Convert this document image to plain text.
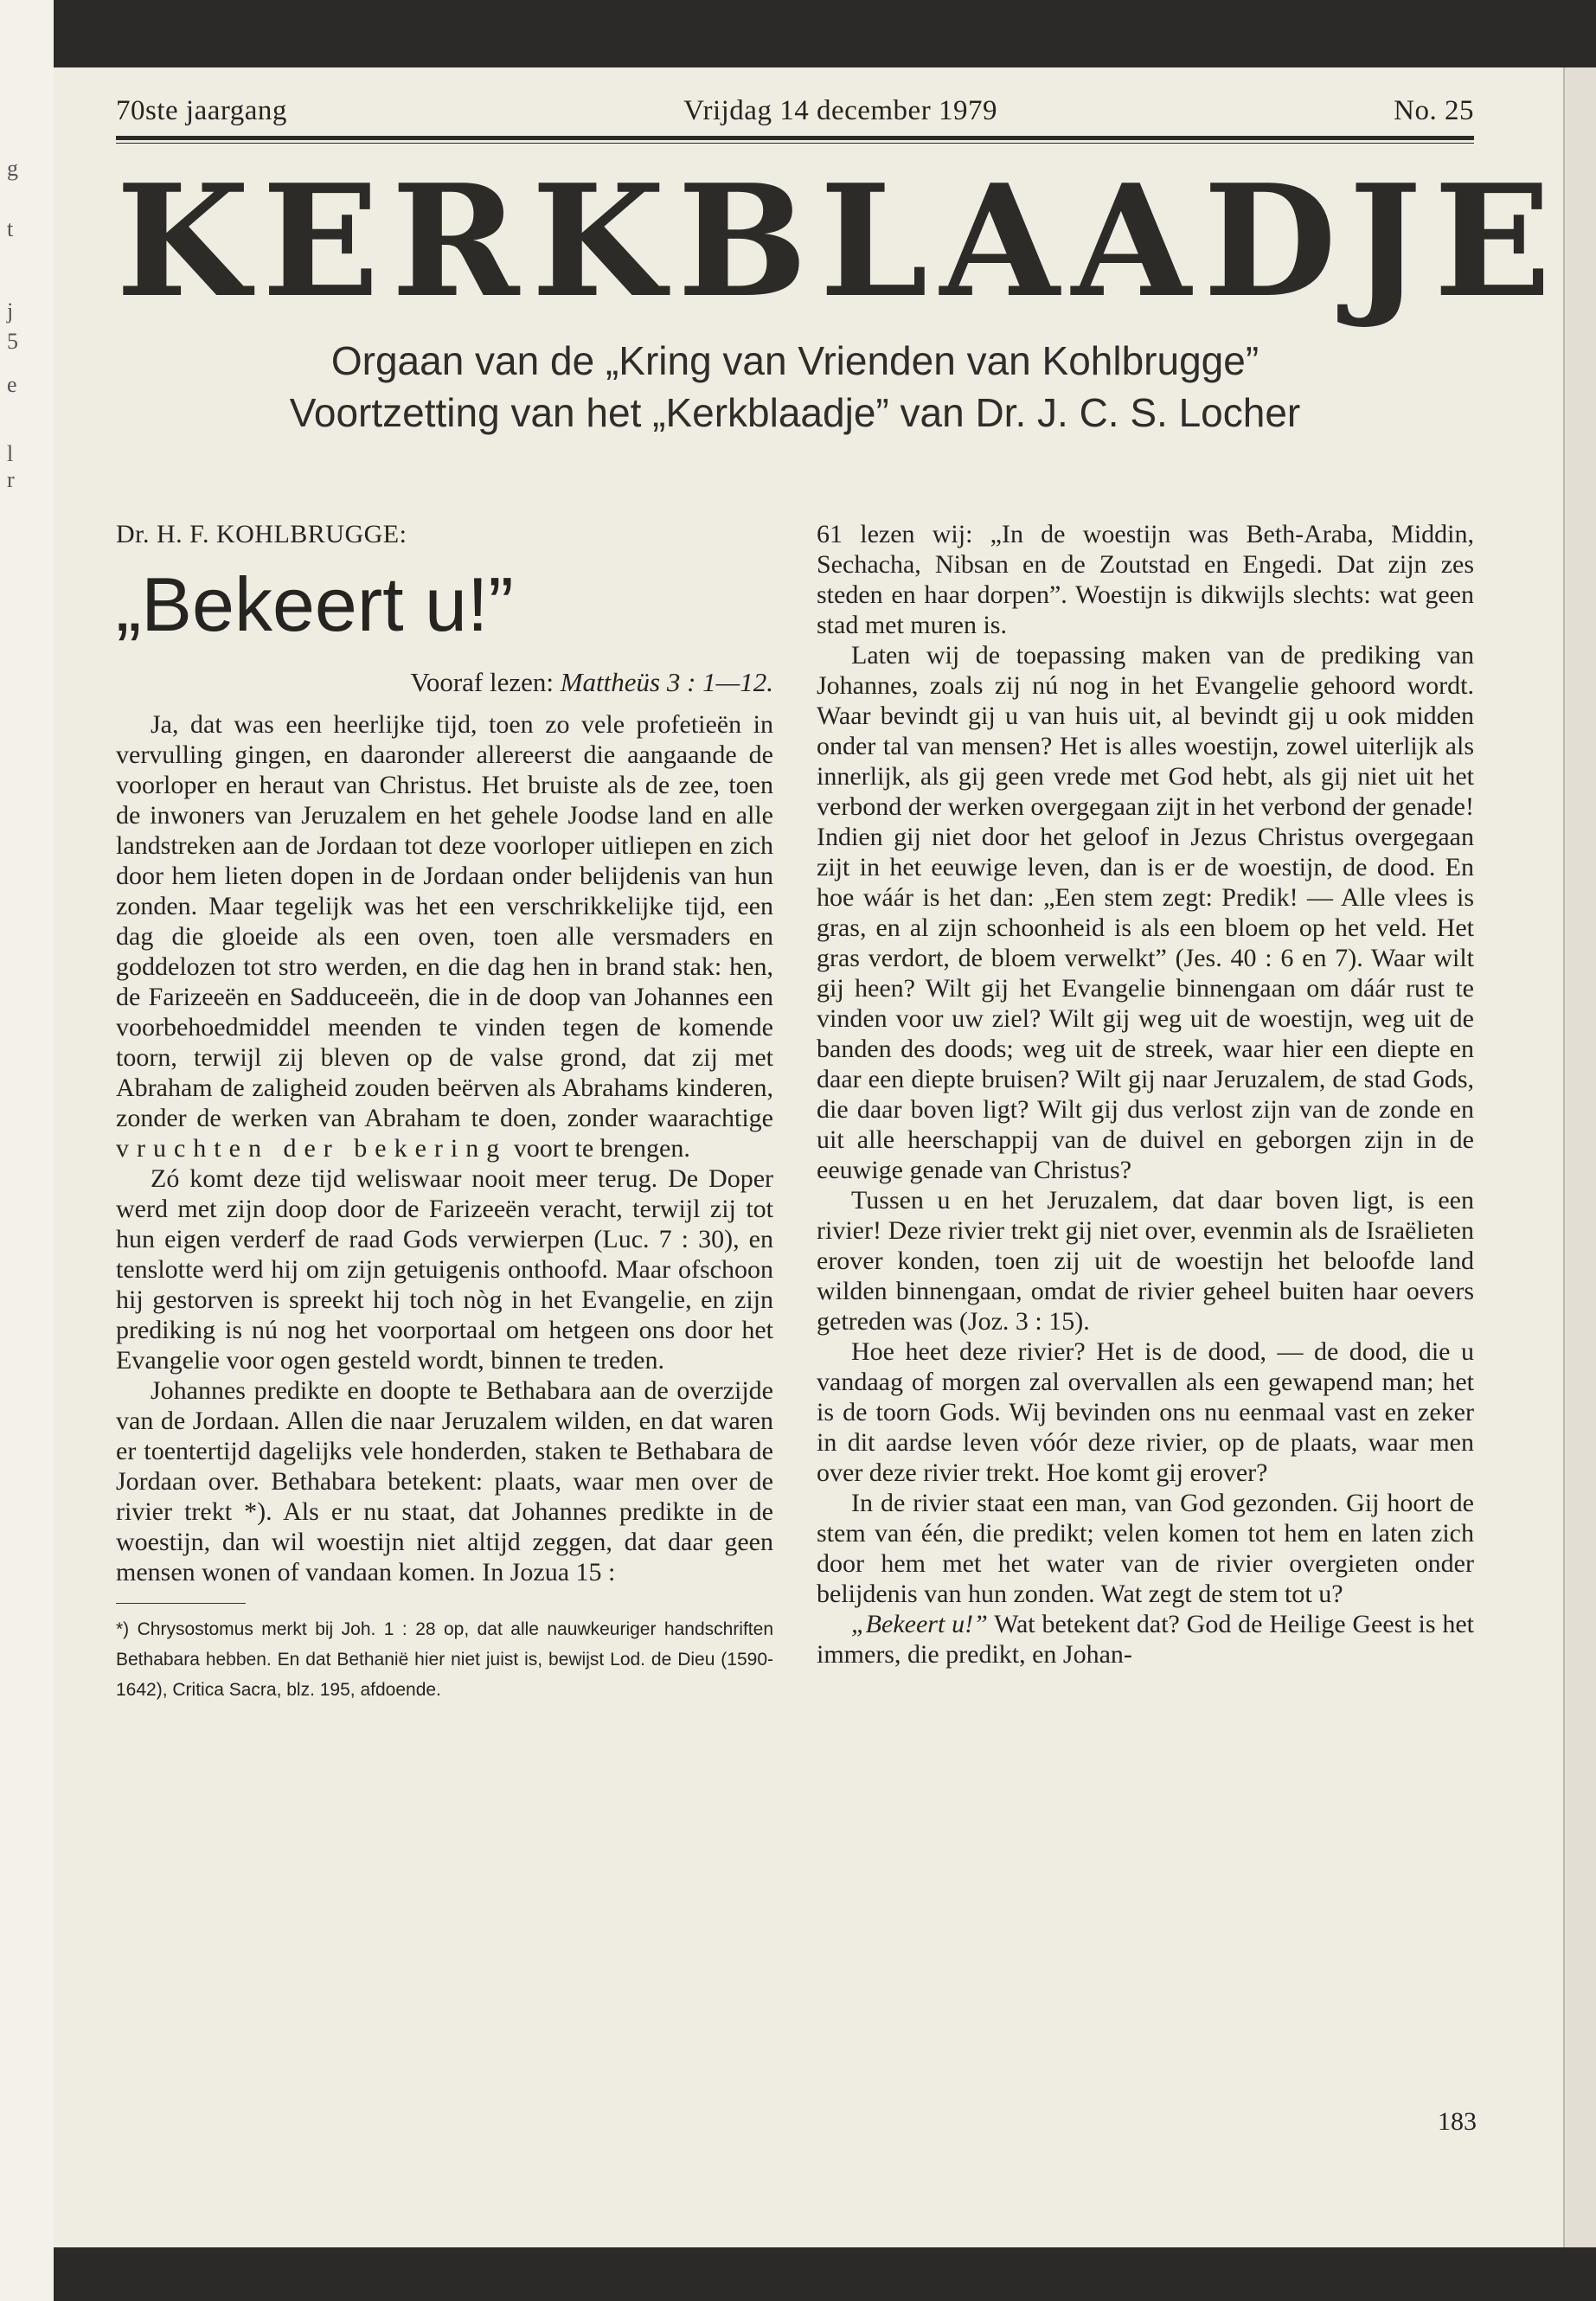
g
t
j
5
e
l
r
70ste jaargang	Vrijdag 14 december 1979	No. 25
KERKBLAADJE
Orgaan van de „Kring van Vrienden van Kohlbrugge”
Voortzetting van het „Kerkblaadje” van Dr. J. C. S. Locher
Dr. H. F. KOHLBRUGGE:
„Bekeert u!”
Vooraf lezen: Mattheüs 3 : 1—12.

Ja, dat was een heerlijke tijd, toen zo vele profetieën in vervulling gingen, en daaronder allereerst die aangaande de voorloper en heraut van Christus. Het bruiste als de zee, toen de inwoners van Jeruzalem en het gehele Joodse land en alle landstreken aan de Jordaan tot deze voorloper uitliepen en zich door hem lieten dopen in de Jordaan onder belijdenis van hun zonden. Maar tegelijk was het een verschrikkelijke tijd, een dag die gloeide als een oven, toen alle versmaders en goddelozen tot stro werden, en die dag hen in brand stak: hen, de Farizeeën en Sadduceeën, die in de doop van Johannes een voorbehoedmiddel meenden te vinden tegen de komende toorn, terwijl zij bleven op de valse grond, dat zij met Abraham de zaligheid zouden beërven als Abrahams kinderen, zonder de werken van Abraham te doen, zonder waarachtige vruchten der bekering voort te brengen.

Zó komt deze tijd weliswaar nooit meer terug. De Doper werd met zijn doop door de Farizeeën veracht, terwijl zij tot hun eigen verderf de raad Gods verwierpen (Luc. 7 : 30), en tenslotte werd hij om zijn getuigenis onthoofd. Maar ofschoon hij gestorven is spreekt hij toch nòg in het Evangelie, en zijn prediking is nú nog het voorportaal om hetgeen ons door het Evangelie voor ogen gesteld wordt, binnen te treden.

Johannes predikte en doopte te Bethabara aan de overzijde van de Jordaan. Allen die naar Jeruzalem wilden, en dat waren er toentertijd dagelijks vele honderden, staken te Bethabara de Jordaan over. Bethabara betekent: plaats, waar men over de rivier trekt *). Als er nu staat, dat Johannes predikte in de woestijn, dan wil woestijn niet altijd zeggen, dat daar geen mensen wonen of vandaan komen. In Jozua 15 :

*) Chrysostomus merkt bij Joh. 1 : 28 op, dat alle nauwkeuriger handschriften Bethabara hebben. En dat Bethanië hier niet juist is, bewijst Lod. de Dieu (1590-1642), Critica Sacra, blz. 195, afdoende.

61 lezen wij: „In de woestijn was Beth-Araba, Middin, Sechacha, Nibsan en de Zoutstad en Engedi. Dat zijn zes steden en haar dorpen”. Woestijn is dikwijls slechts: wat geen stad met muren is.

Laten wij de toepassing maken van de prediking van Johannes, zoals zij nú nog in het Evangelie gehoord wordt. Waar bevindt gij u van huis uit, al bevindt gij u ook midden onder tal van mensen? Het is alles woestijn, zowel uiterlijk als innerlijk, als gij geen vrede met God hebt, als gij niet uit het verbond der werken overgegaan zijt in het verbond der genade! Indien gij niet door het geloof in Jezus Christus overgegaan zijt in het eeuwige leven, dan is er de woestijn, de dood. En hoe wáár is het dan: „Een stem zegt: Predik! — Alle vlees is gras, en al zijn schoonheid is als een bloem op het veld. Het gras verdort, de bloem verwelkt” (Jes. 40 : 6 en 7). Waar wilt gij heen? Wilt gij het Evangelie binnengaan om dáár rust te vinden voor uw ziel? Wilt gij weg uit de woestijn, weg uit de banden des doods; weg uit de streek, waar hier een diepte en daar een diepte bruisen? Wilt gij naar Jeruzalem, de stad Gods, die daar boven ligt? Wilt gij dus verlost zijn van de zonde en uit alle heerschappij van de duivel en geborgen zijn in de eeuwige genade van Christus?

Tussen u en het Jeruzalem, dat daar boven ligt, is een rivier! Deze rivier trekt gij niet over, evenmin als de Israëlieten erover konden, toen zij uit de woestijn het beloofde land wilden binnengaan, omdat de rivier geheel buiten haar oevers getreden was (Joz. 3 : 15).

Hoe heet deze rivier? Het is de dood, — de dood, die u vandaag of morgen zal overvallen als een gewapend man; het is de toorn Gods. Wij bevinden ons nu eenmaal vast en zeker in dit aardse leven vóór deze rivier, op de plaats, waar men over deze rivier trekt. Hoe komt gij erover?

In de rivier staat een man, van God gezonden. Gij hoort de stem van één, die predikt; velen komen tot hem en laten zich door hem met het water van de rivier overgieten onder belijdenis van hun zonden. Wat zegt de stem tot u?

„Bekeert u!” Wat betekent dat? God de Heilige Geest is het immers, die predikt, en Johan-

183
